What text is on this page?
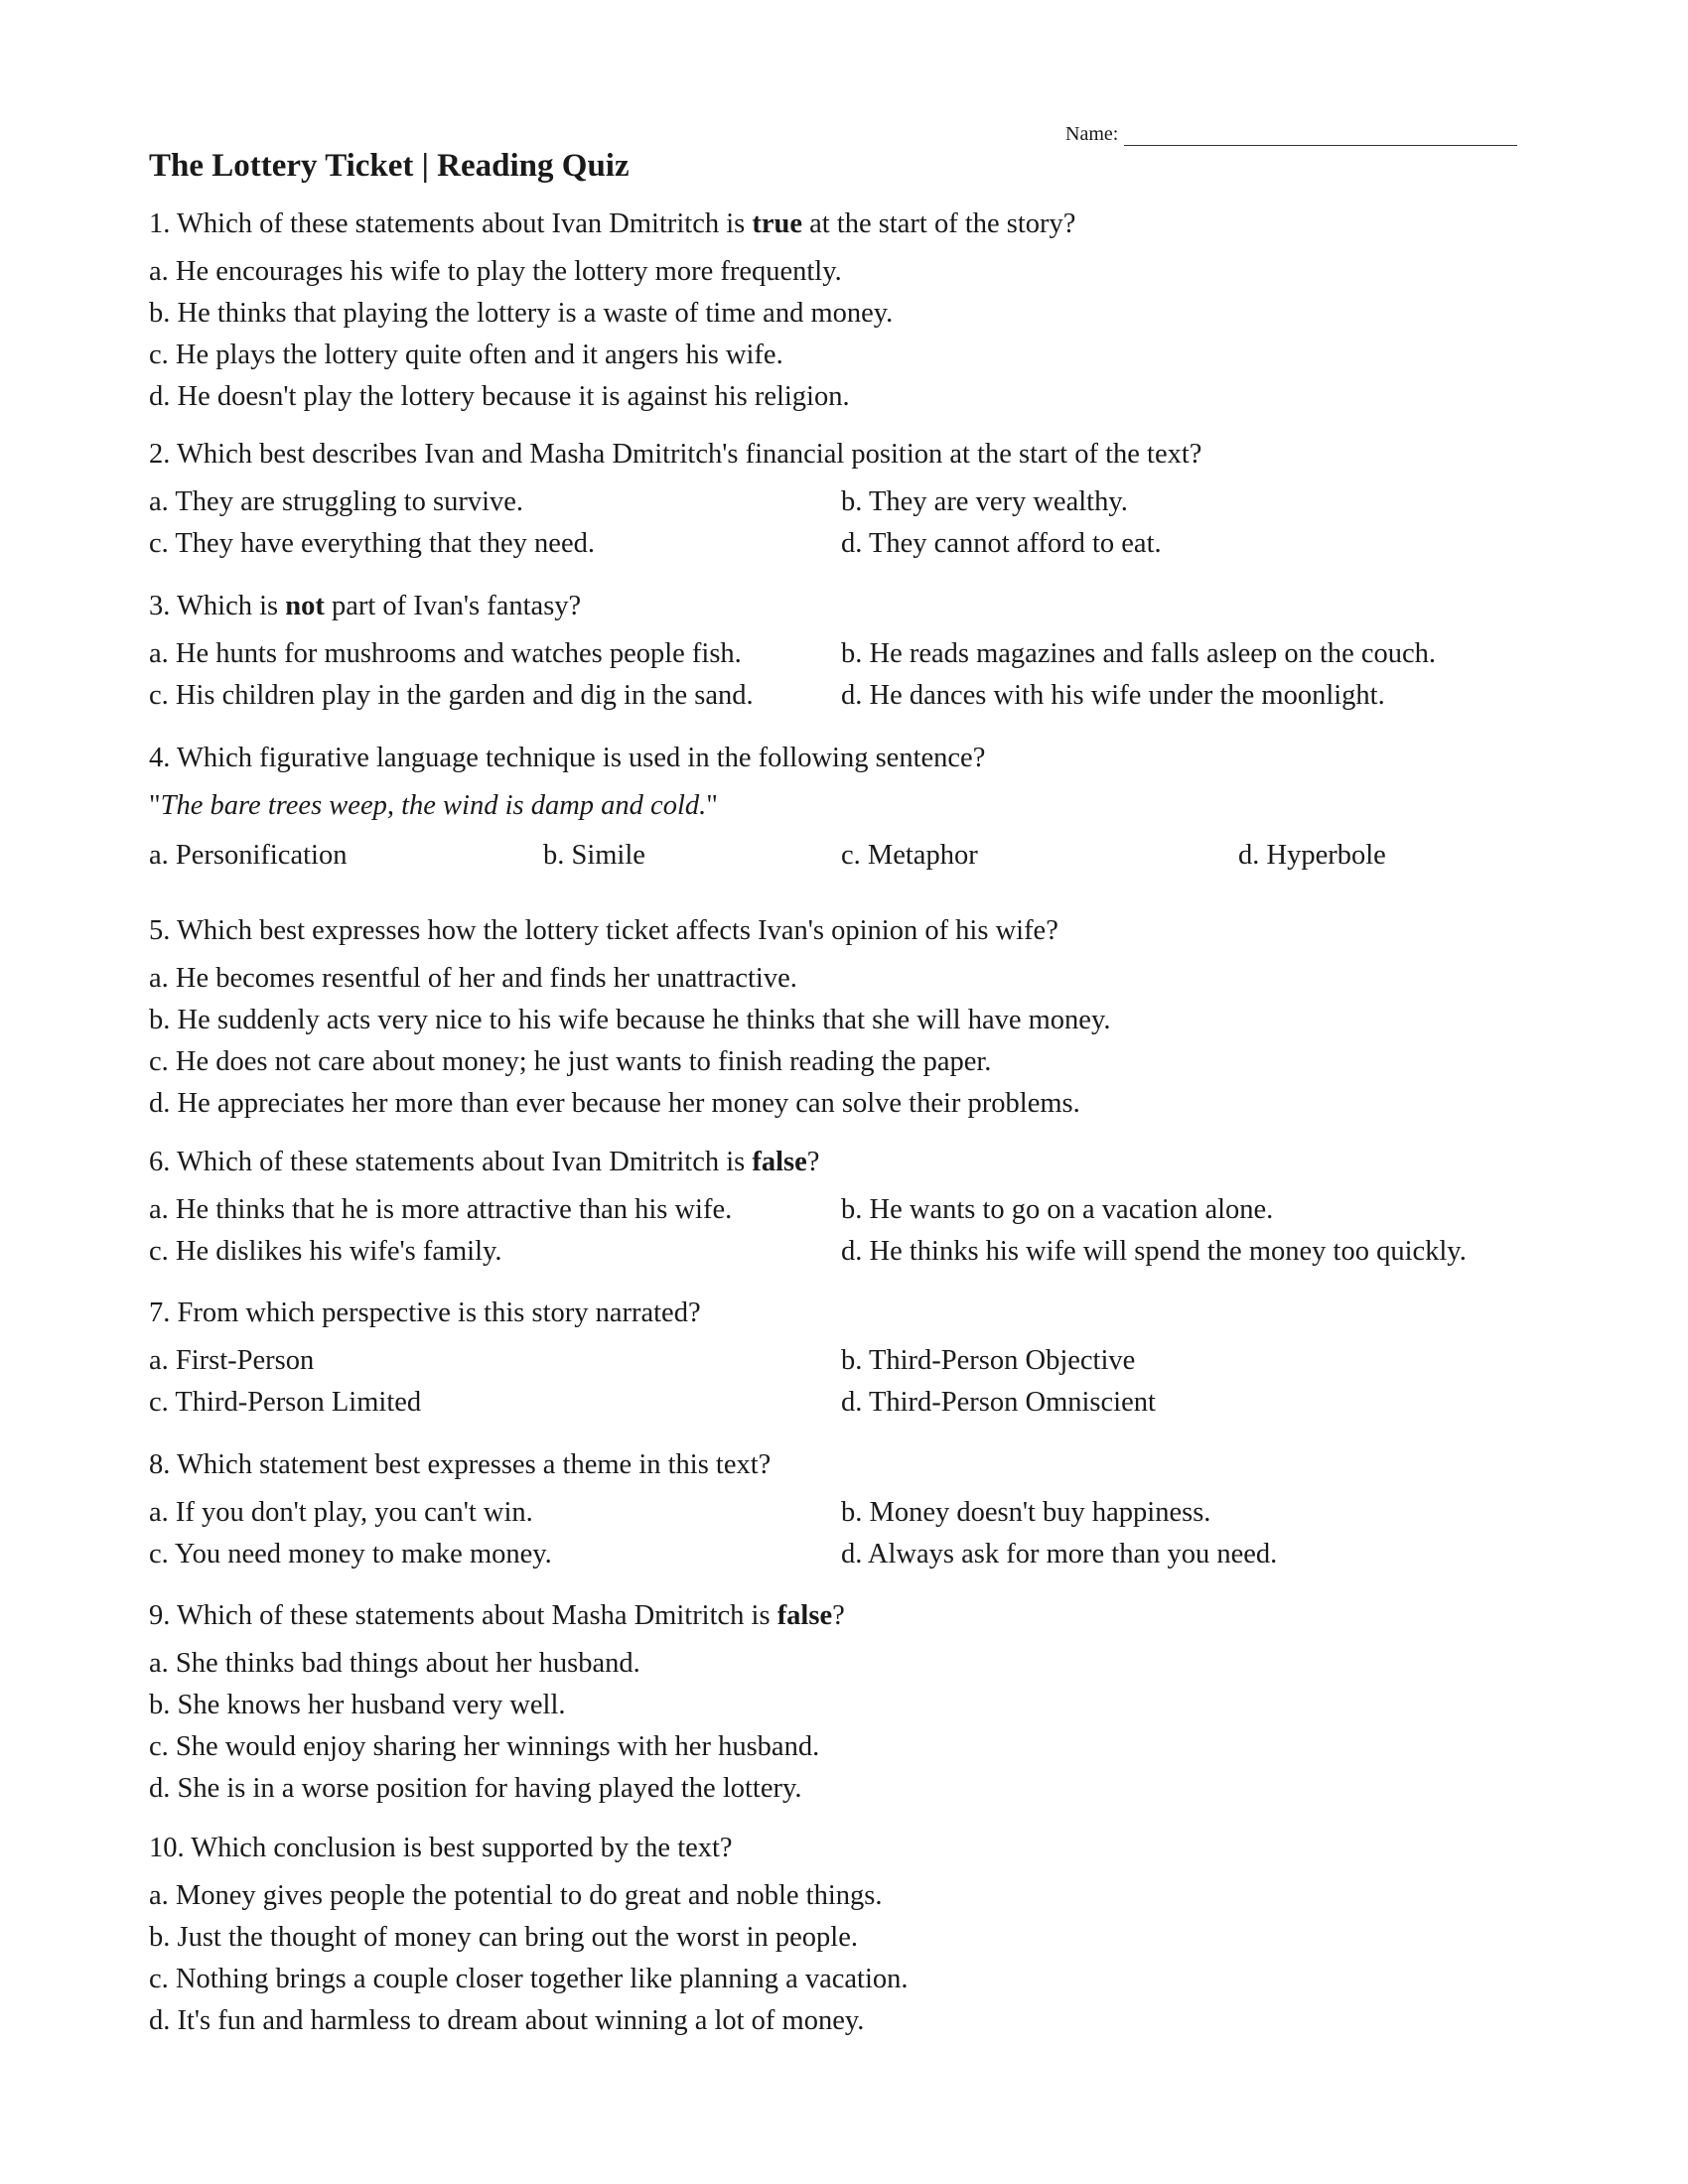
Name:
The Lottery Ticket | Reading Quiz

1. Which of these statements about Ivan Dmitritch is true at the start of the story?

a. He encourages his wife to play the lottery more frequently.
b. He thinks that playing the lottery is a waste of time and money.
c. He plays the lottery quite often and it angers his wife.
d. He doesn't play the lottery because it is against his religion.

2. Which best describes Ivan and Masha Dmitritch's financial position at the start of the text?

a. They are struggling to survive.	b. They are very wealthy.
c. They have everything that they need.	d. They cannot afford to eat.

3. Which is not part of Ivan's fantasy?

a. He hunts for mushrooms and watches people fish.	b. He reads magazines and falls asleep on the couch.
c. His children play in the garden and dig in the sand.	d. He dances with his wife under the moonlight.

4. Which figurative language technique is used in the following sentence?

"The bare trees weep, the wind is damp and cold."
a. Personification	b. Simile	c. Metaphor	d. Hyperbole

5. Which best expresses how the lottery ticket affects Ivan's opinion of his wife?

a. He becomes resentful of her and finds her unattractive.
b. He suddenly acts very nice to his wife because he thinks that she will have money.
c. He does not care about money; he just wants to finish reading the paper.
d. He appreciates her more than ever because her money can solve their problems.

6. Which of these statements about Ivan Dmitritch is false?

a. He thinks that he is more attractive than his wife.	b. He wants to go on a vacation alone.
c. He dislikes his wife's family.	d. He thinks his wife will spend the money too quickly.

7. From which perspective is this story narrated?

a. First-Person	b. Third-Person Objective
c. Third-Person Limited	d. Third-Person Omniscient

8. Which statement best expresses a theme in this text?

a. If you don't play, you can't win.	b. Money doesn't buy happiness.
c. You need money to make money.	d. Always ask for more than you need.

9. Which of these statements about Masha Dmitritch is false?

a. She thinks bad things about her husband.
b. She knows her husband very well.
c. She would enjoy sharing her winnings with her husband.
d. She is in a worse position for having played the lottery.

10. Which conclusion is best supported by the text?

a. Money gives people the potential to do great and noble things.
b. Just the thought of money can bring out the worst in people.
c. Nothing brings a couple closer together like planning a vacation.
d. It's fun and harmless to dream about winning a lot of money.
